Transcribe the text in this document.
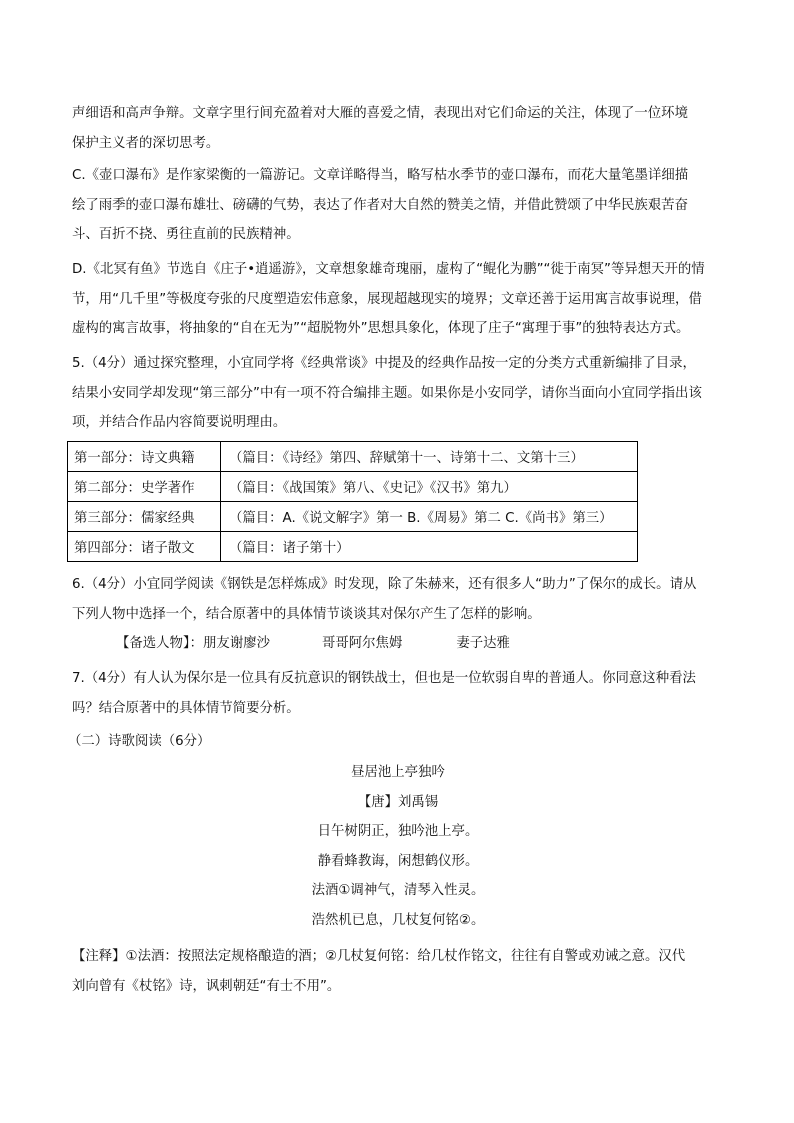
声细语和高声争辩。文章字里行间充盈着对大雁的喜爱之情，表现出对它们命运的关注，体现了一位环境
保护主义者的深切思考。
C.《壶口瀑布》是作家梁衡的一篇游记。文章详略得当，略写枯水季节的壶口瀑布，而花大量笔墨详细描
绘了雨季的壶口瀑布雄壮、磅礴的气势，表达了作者对大自然的赞美之情，并借此赞颂了中华民族艰苦奋
斗、百折不挠、勇往直前的民族精神。
D.《北冥有鱼》节选自《庄子•逍遥游》，文章想象雄奇瑰丽，虚构了“鲲化为鹏”“徙于南冥”等异想天开的情
节，用“几千里”等极度夸张的尺度塑造宏伟意象，展现超越现实的境界；文章还善于运用寓言故事说理，借
虚构的寓言故事，将抽象的“自在无为”“超脱物外”思想具象化，体现了庄子“寓理于事”的独特表达方式。
5.（4分）通过探究整理，小宜同学将《经典常谈》中提及的经典作品按一定的分类方式重新编排了目录，
结果小安同学却发现“第三部分”中有一项不符合编排主题。如果你是小安同学，请你当面向小宜同学指出该
项，并结合作品内容简要说明理由。
第一部分：诗文典籍	（篇目：《诗经》第四、辞赋第十一、诗第十二、文第十三）
第二部分：史学著作	（篇目：《战国策》第八、《史记》《汉书》第九）
第三部分：儒家经典	（篇目：A.《说文解字》第一 B.《周易》第二 C.《尚书》第三）
第四部分：诸子散文	（篇目：诸子第十）
6.（4分）小宜同学阅读《钢铁是怎样炼成》时发现，除了朱赫来，还有很多人“助力”了保尔的成长。请从
下列人物中选择一个，结合原著中的具体情节谈谈其对保尔产生了怎样的影响。
【备选人物】：朋友谢廖沙	哥哥阿尔焦姆	妻子达雅
7.（4分）有人认为保尔是一位具有反抗意识的钢铁战士，但也是一位软弱自卑的普通人。你同意这种看法
吗？结合原著中的具体情节简要分析。
（二）诗歌阅读（6分）
昼居池上亭独吟
【唐】刘禹锡
日午树阴正，独吟池上亭。
静看蜂教诲，闲想鹤仪形。
法酒①调神气，清琴入性灵。
浩然机已息，几杖复何铭②。
【注释】①法酒：按照法定规格酿造的酒；②几杖复何铭：给几杖作铭文，往往有自警或劝诫之意。汉代
刘向曾有《杖铭》诗，讽刺朝廷“有士不用”。
